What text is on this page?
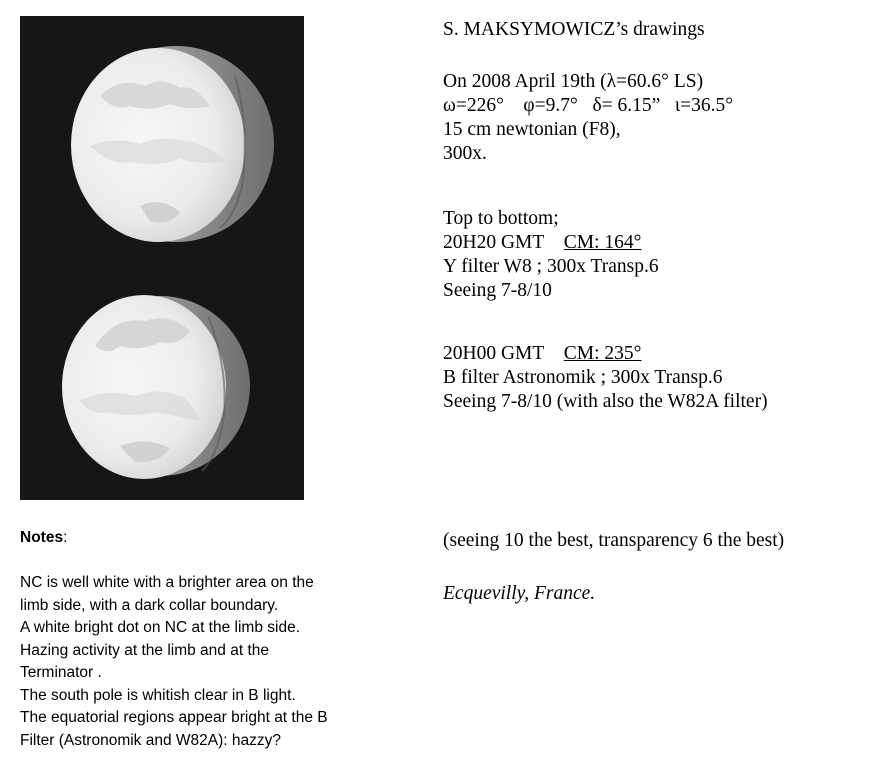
S. MAKSYMOWICZ’s drawings
On 2008 April 19th (λ=60.6° LS)
ω=226° φ=9.7° δ= 6.15” ι=36.5°
15 cm newtonian (F8),
300x.
Top to bottom;
20H20 GMT CM: 164°
Y filter W8 ; 300x Transp.6
Seeing 7-8/10
20H00 GMT CM: 235°
B filter Astronomik ; 300x Transp.6
Seeing 7-8/10 (with also the W82A filter)
(seeing 10 the best, transparency 6 the best)
Ecquevilly, France.
Notes:
NC is well white with a brighter area on the
limb side, with a dark collar boundary.
A white bright dot on NC at the limb side.
Hazing activity at the limb and at the
Terminator .
The south pole is whitish clear in B light.
The equatorial regions appear bright at the B
Filter (Astronomik and W82A): hazzy?
